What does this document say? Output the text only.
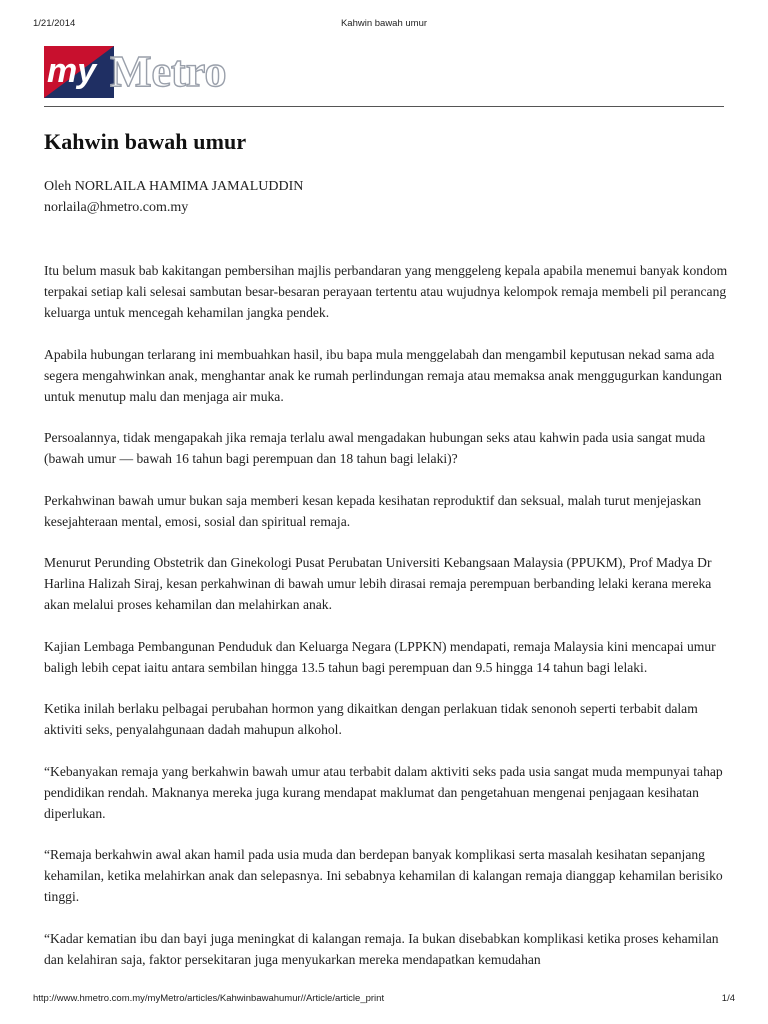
1/21/2014	Kahwin bawah umur
my Metro
Kahwin bawah umur
Oleh NORLAILA HAMIMA JAMALUDDIN
norlaila@hmetro.com.my

Itu belum masuk bab kakitangan pembersihan majlis perbandaran yang menggeleng kepala apabila menemui banyak kondom terpakai setiap kali selesai sambutan besar-besaran perayaan tertentu atau wujudnya kelompok remaja membeli pil perancang keluarga untuk mencegah kehamilan jangka pendek.

Apabila hubungan terlarang ini membuahkan hasil, ibu bapa mula menggelabah dan mengambil keputusan nekad sama ada segera mengahwinkan anak, menghantar anak ke rumah perlindungan remaja atau memaksa anak menggugurkan kandungan untuk menutup malu dan menjaga air muka.

Persoalannya, tidak mengapakah jika remaja terlalu awal mengadakan hubungan seks atau kahwin pada usia sangat muda (bawah umur — bawah 16 tahun bagi perempuan dan 18 tahun bagi lelaki)?

Perkahwinan bawah umur bukan saja memberi kesan kepada kesihatan reproduktif dan seksual, malah turut menjejaskan kesejahteraan mental, emosi, sosial dan spiritual remaja.

Menurut Perunding Obstetrik dan Ginekologi Pusat Perubatan Universiti Kebangsaan Malaysia (PPUKM), Prof Madya Dr Harlina Halizah Siraj, kesan perkahwinan di bawah umur lebih dirasai remaja perempuan berbanding lelaki kerana mereka akan melalui proses kehamilan dan melahirkan anak.

Kajian Lembaga Pembangunan Penduduk dan Keluarga Negara (LPPKN) mendapati, remaja Malaysia kini mencapai umur baligh lebih cepat iaitu antara sembilan hingga 13.5 tahun bagi perempuan dan 9.5 hingga 14 tahun bagi lelaki.

Ketika inilah berlaku pelbagai perubahan hormon yang dikaitkan dengan perlakuan tidak senonoh seperti terbabit dalam aktiviti seks, penyalahgunaan dadah mahupun alkohol.

“Kebanyakan remaja yang berkahwin bawah umur atau terbabit dalam aktiviti seks pada usia sangat muda mempunyai tahap pendidikan rendah. Maknanya mereka juga kurang mendapat maklumat dan pengetahuan mengenai penjagaan kesihatan diperlukan.

“Remaja berkahwin awal akan hamil pada usia muda dan berdepan banyak komplikasi serta masalah kesihatan sepanjang kehamilan, ketika melahirkan anak dan selepasnya. Ini sebabnya kehamilan di kalangan remaja dianggap kehamilan berisiko tinggi.

“Kadar kematian ibu dan bayi juga meningkat di kalangan remaja. Ia bukan disebabkan komplikasi ketika proses kehamilan dan kelahiran saja, faktor persekitaran juga menyukarkan mereka mendapatkan kemudahan

http://www.hmetro.com.my/myMetro/articles/Kahwinbawahumur//Article/article_print	1/4
